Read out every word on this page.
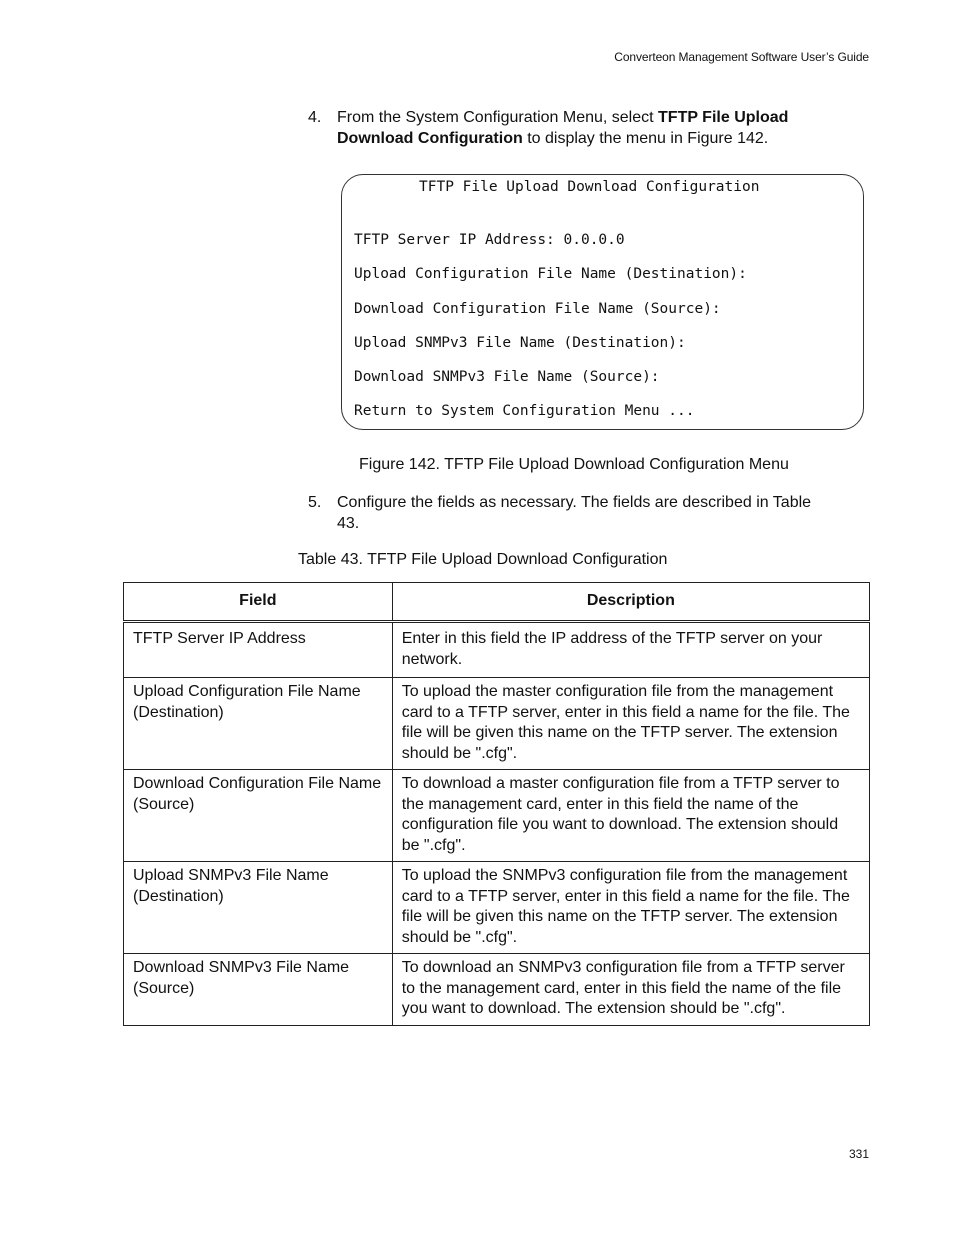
Converteon Management Software User’s Guide
4. From the System Configuration Menu, select TFTP File Upload Download Configuration to display the menu in Figure 142.
TFTP File Upload Download Configuration
TFTP Server IP Address: 0.0.0.0
Upload Configuration File Name (Destination):
Download Configuration File Name (Source):
Upload SNMPv3 File Name (Destination):
Download SNMPv3 File Name (Source):
Return to System Configuration Menu ...
Figure 142. TFTP File Upload Download Configuration Menu
5. Configure the fields as necessary. The fields are described in Table 43.
Table 43. TFTP File Upload Download Configuration
Field	Description
TFTP Server IP Address	Enter in this field the IP address of the TFTP server on your network.
Upload Configuration File Name (Destination)	To upload the master configuration file from the management card to a TFTP server, enter in this field a name for the file. The file will be given this name on the TFTP server. The extension should be ".cfg".
Download Configuration File Name (Source)	To download a master configuration file from a TFTP server to the management card, enter in this field the name of the configuration file you want to download. The extension should be ".cfg".
Upload SNMPv3 File Name (Destination)	To upload the SNMPv3 configuration file from the management card to a TFTP server, enter in this field a name for the file. The file will be given this name on the TFTP server. The extension should be ".cfg".
Download SNMPv3 File Name (Source)	To download an SNMPv3 configuration file from a TFTP server to the management card, enter in this field the name of the file you want to download. The extension should be ".cfg".
331
